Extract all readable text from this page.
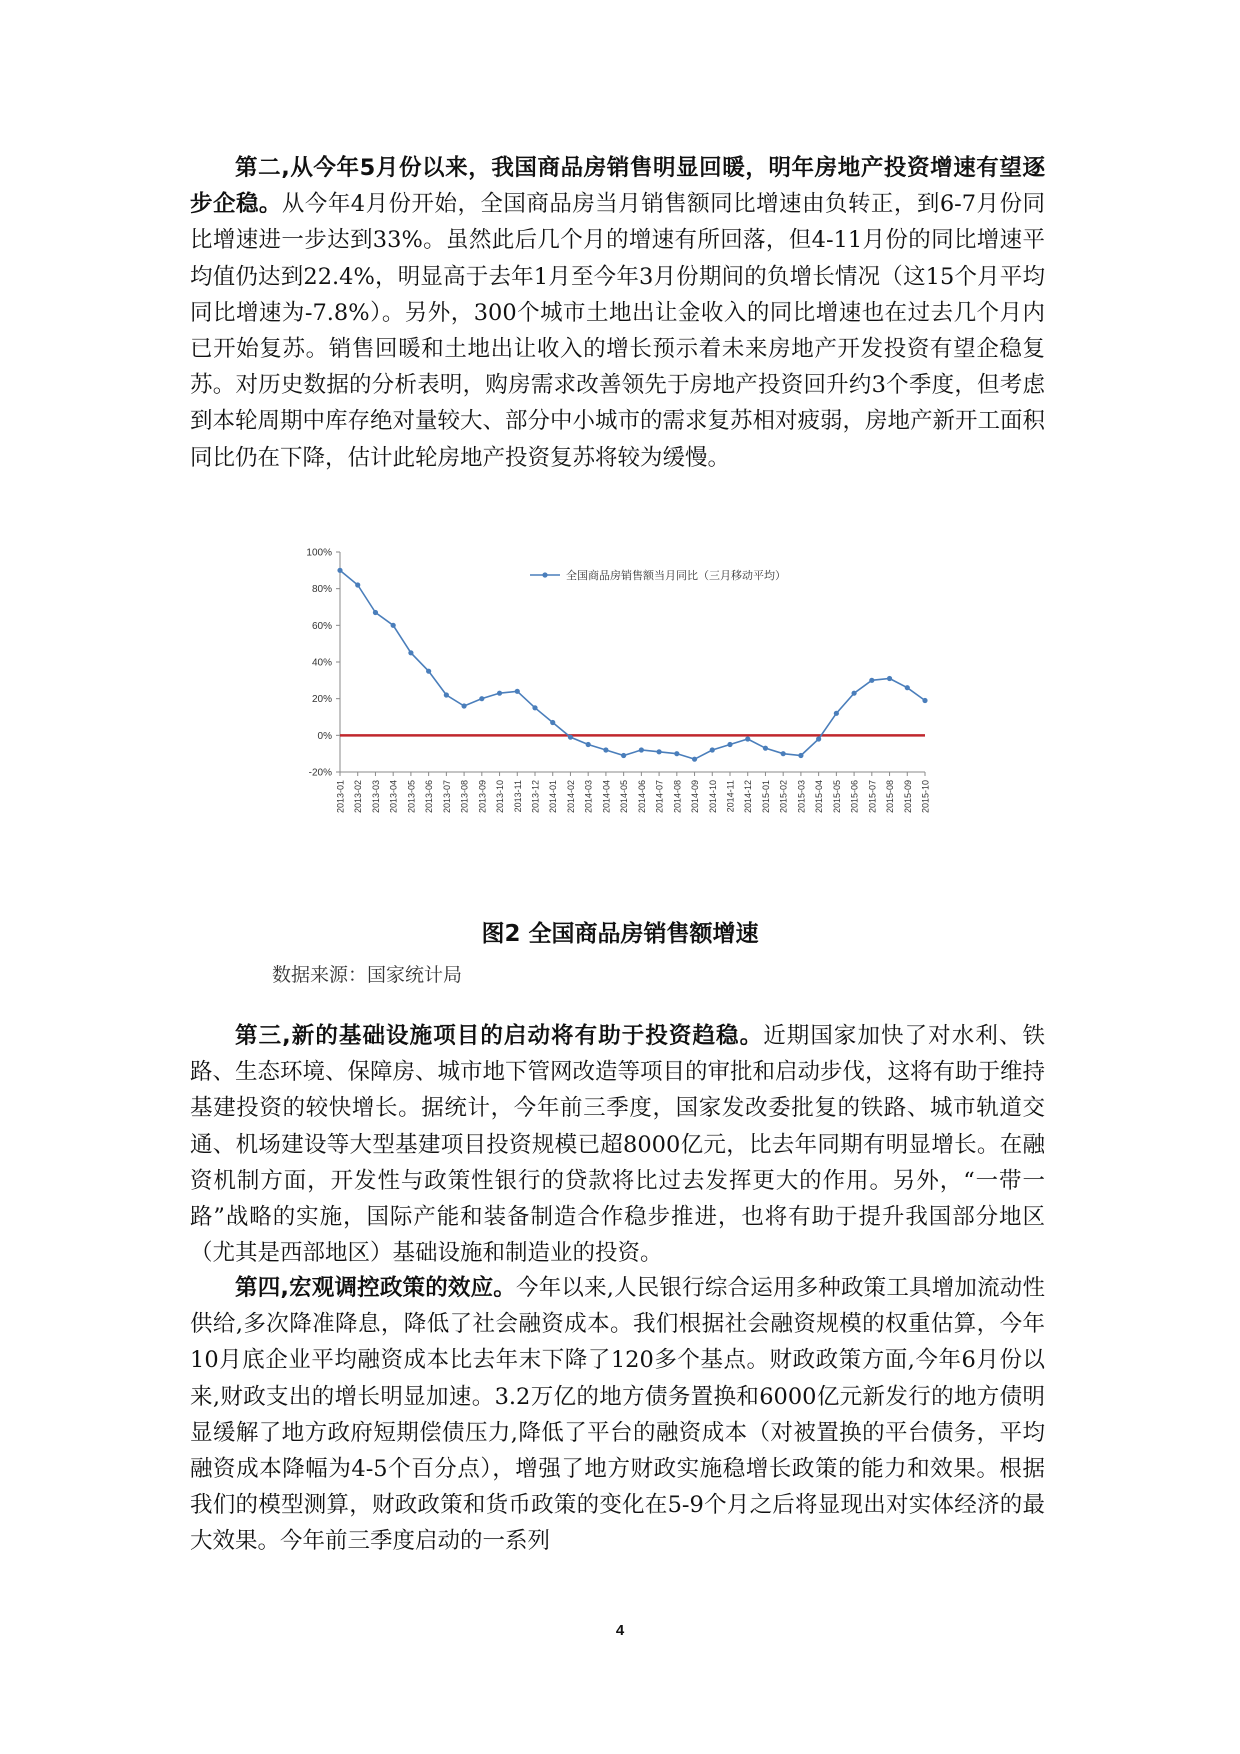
第二,从今年5月份以来，我国商品房销售明显回暖，明年房地产投资增速有望逐步企稳。从今年4月份开始，全国商品房当月销售额同比增速由负转正，到6-7月份同比增速进一步达到33%。虽然此后几个月的增速有所回落，但4-11月份的同比增速平均值仍达到22.4%，明显高于去年1月至今年3月份期间的负增长情况（这15个月平均同比增速为-7.8%）。另外，300个城市土地出让金收入的同比增速也在过去几个月内已开始复苏。销售回暖和土地出让收入的增长预示着未来房地产开发投资有望企稳复苏。对历史数据的分析表明，购房需求改善领先于房地产投资回升约3个季度，但考虑到本轮周期中库存绝对量较大、部分中小城市的需求复苏相对疲弱，房地产新开工面积同比仍在下降，估计此轮房地产投资复苏将较为缓慢。

100%
80%
60%
40%
20%
0%
-20%
2013-01 2013-02 2013-03 2013-04 2013-05 2013-06 2013-07 2013-08 2013-09 2013-10 2013-11 2013-12 2014-01 2014-02 2014-03 2014-04 2014-05 2014-06 2014-07 2014-08 2014-09 2014-10 2014-11 2014-12 2015-01 2015-02 2015-03 2015-04 2015-05 2015-06 2015-07 2015-08 2015-09 2015-10
全国商品房销售额当月同比（三月移动平均）
图2 全国商品房销售额增速
数据来源：国家统计局

第三,新的基础设施项目的启动将有助于投资趋稳。近期国家加快了对水利、铁路、生态环境、保障房、城市地下管网改造等项目的审批和启动步伐，这将有助于维持基建投资的较快增长。据统计，今年前三季度，国家发改委批复的铁路、城市轨道交通、机场建设等大型基建项目投资规模已超8000亿元，比去年同期有明显增长。在融资机制方面，开发性与政策性银行的贷款将比过去发挥更大的作用。另外，“一带一路”战略的实施，国际产能和装备制造合作稳步推进，也将有助于提升我国部分地区（尤其是西部地区）基础设施和制造业的投资。

第四,宏观调控政策的效应。今年以来,人民银行综合运用多种政策工具增加流动性供给,多次降准降息，降低了社会融资成本。我们根据社会融资规模的权重估算，今年10月底企业平均融资成本比去年末下降了120多个基点。财政政策方面,今年6月份以来,财政支出的增长明显加速。3.2万亿的地方债务置换和6000亿元新发行的地方债明显缓解了地方政府短期偿债压力,降低了平台的融资成本（对被置换的平台债务，平均融资成本降幅为4-5个百分点），增强了地方财政实施稳增长政策的能力和效果。根据我们的模型测算，财政政策和货币政策的变化在5-9个月之后将显现出对实体经济的最大效果。今年前三季度启动的一系列

4
